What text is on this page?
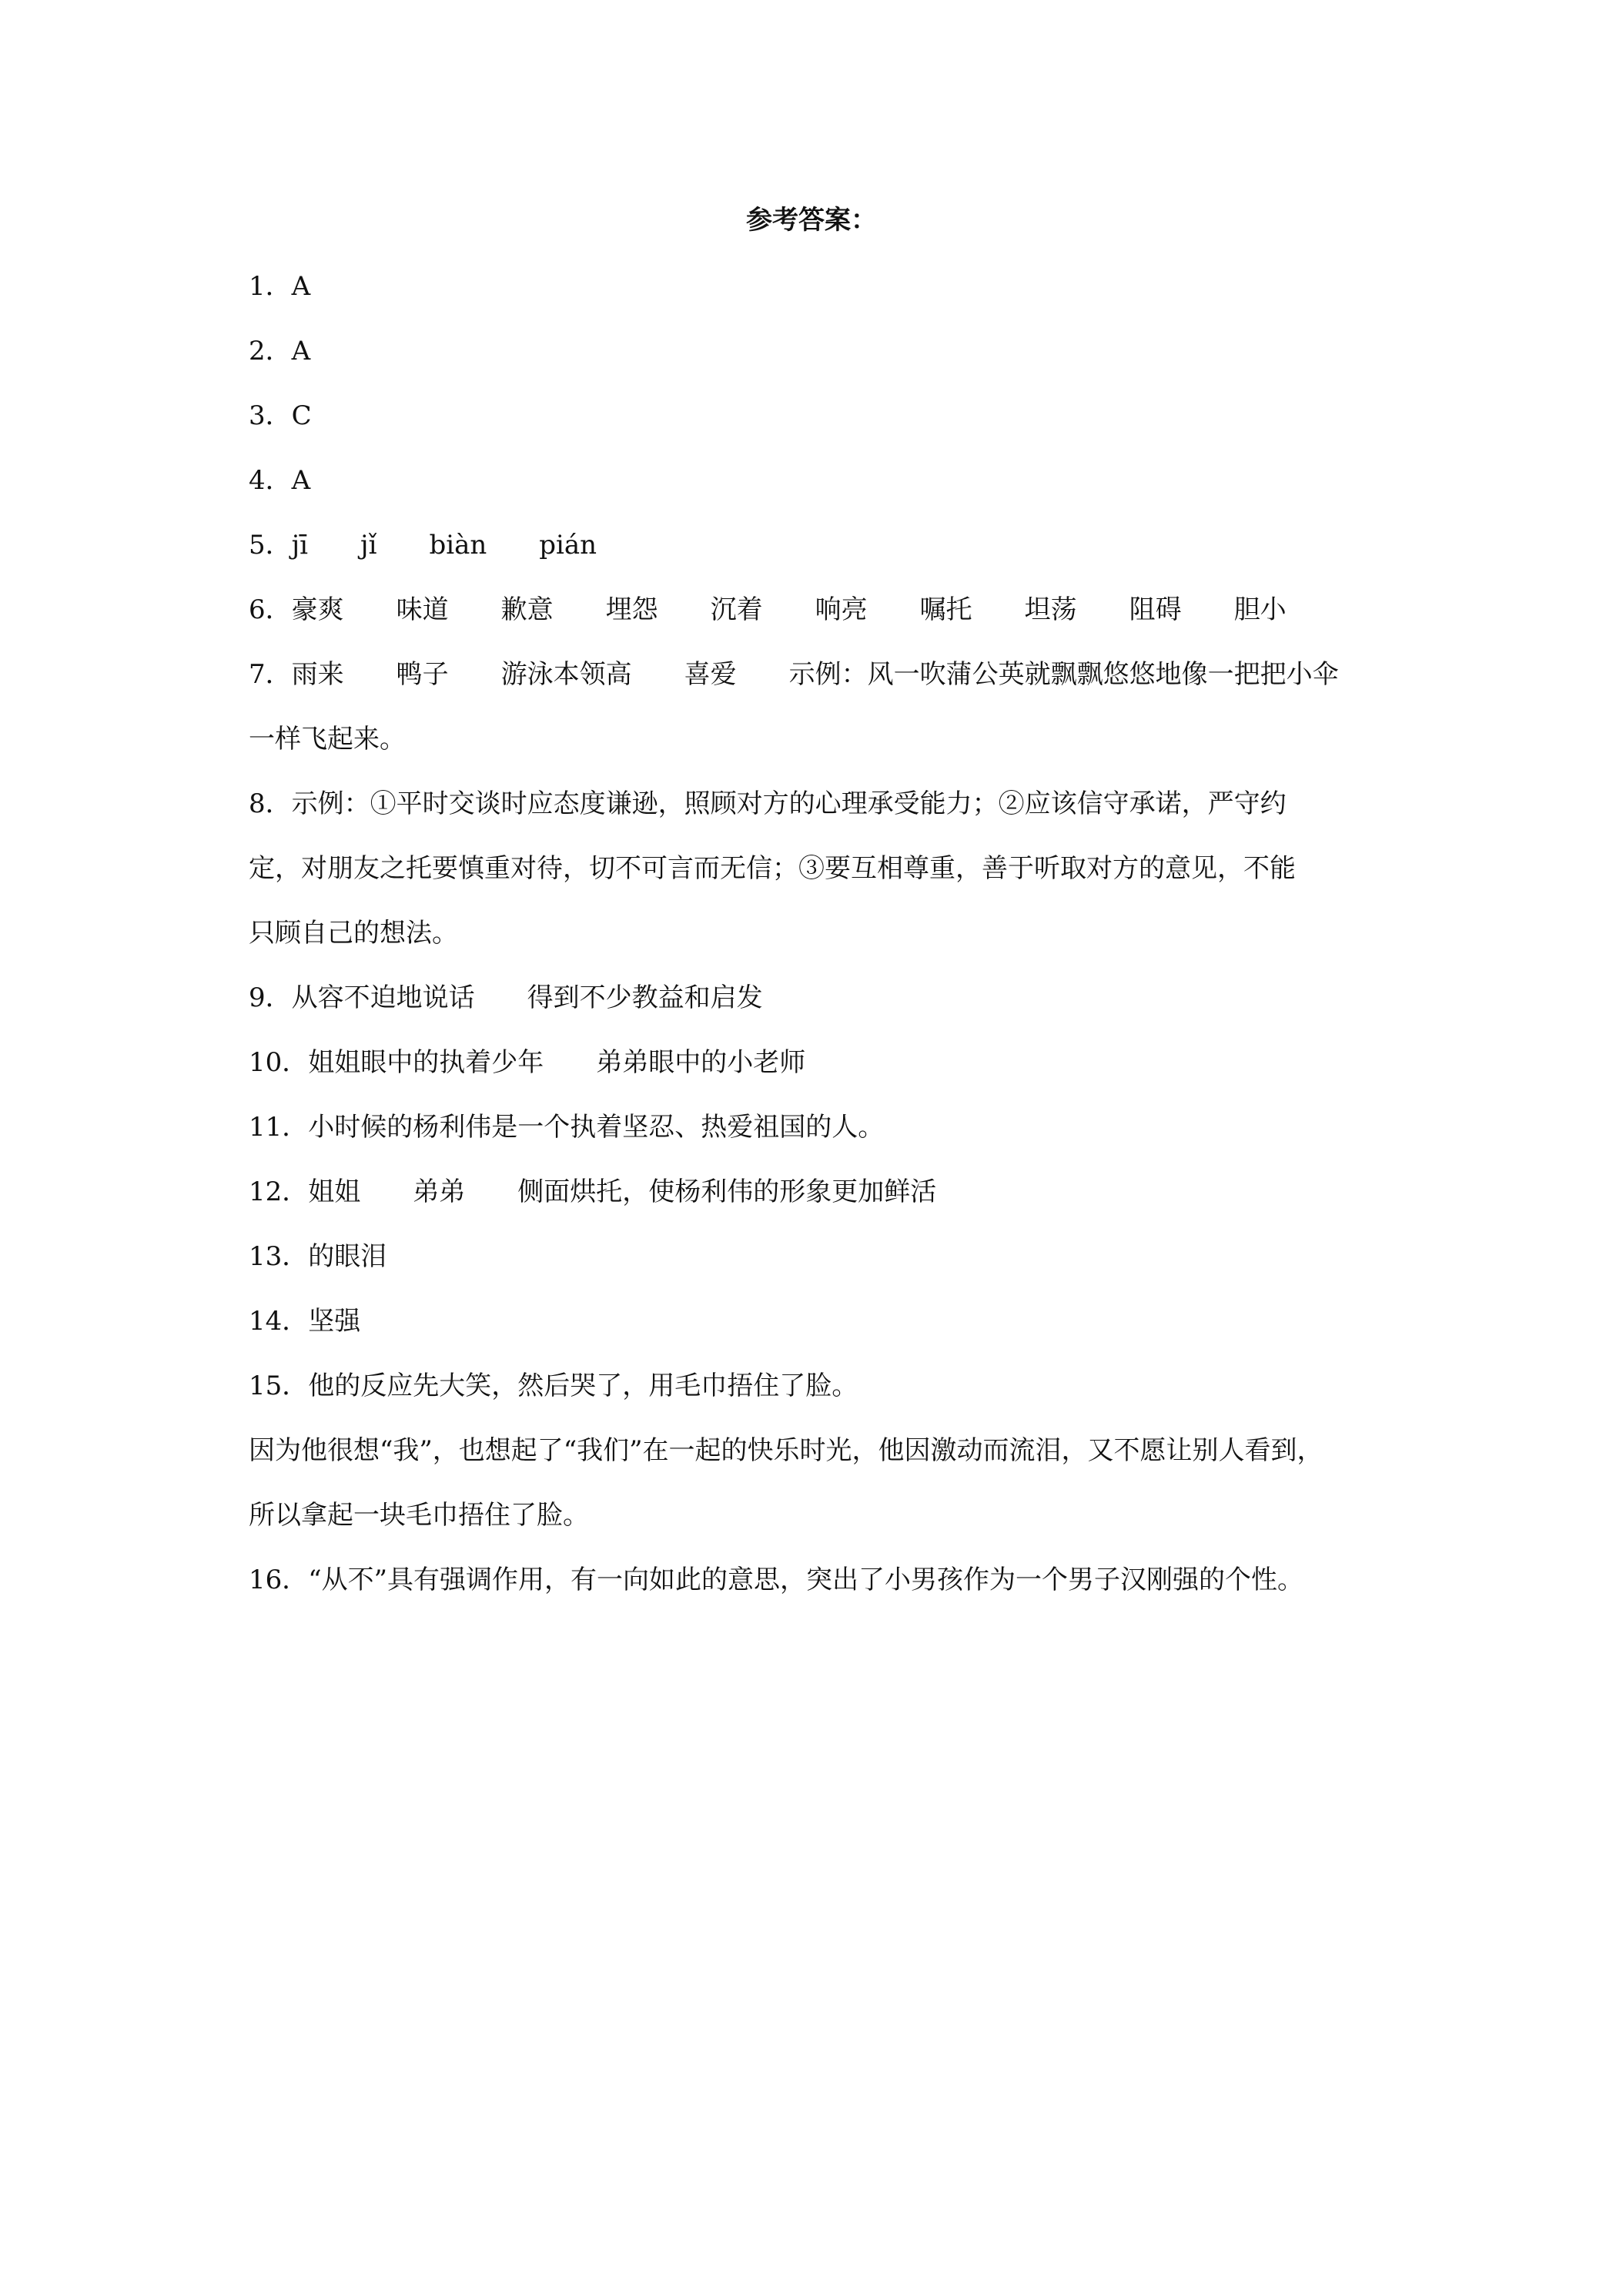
参考答案：
1．A
2．A
3．C
4．A
5．jī　　jǐ　　biàn　　pián
6．豪爽　　味道　　歉意　　埋怨　　沉着　　响亮　　嘱托　　坦荡　　阻碍　　胆小
7．雨来　　鸭子　　游泳本领高　　喜爱　　示例：风一吹蒲公英就飘飘悠悠地像一把把小伞
一样飞起来。
8．示例：①平时交谈时应态度谦逊，照顾对方的心理承受能力；②应该信守承诺，严守约
定，对朋友之托要慎重对待，切不可言而无信；③要互相尊重，善于听取对方的意见，不能
只顾自己的想法。
9．从容不迫地说话　　得到不少教益和启发
10．姐姐眼中的执着少年　　弟弟眼中的小老师
11．小时候的杨利伟是一个执着坚忍、热爱祖国的人。
12．姐姐　　弟弟　　侧面烘托，使杨利伟的形象更加鲜活
13．的眼泪
14．坚强
15．他的反应先大笑，然后哭了，用毛巾捂住了脸。
因为他很想“我”，也想起了“我们”在一起的快乐时光，他因激动而流泪，又不愿让别人看到，
所以拿起一块毛巾捂住了脸。
16．“从不”具有强调作用，有一向如此的意思，突出了小男孩作为一个男子汉刚强的个性。
